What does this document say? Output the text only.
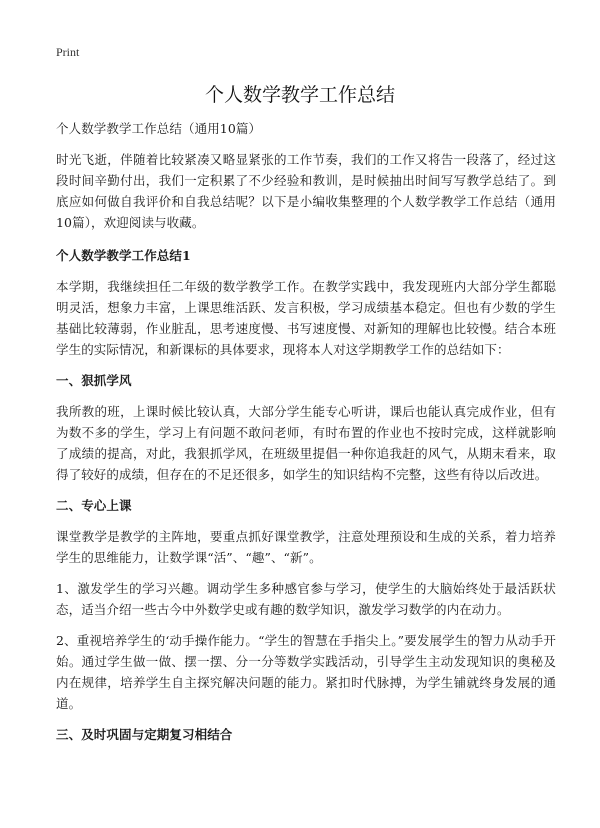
Print
个人数学教学工作总结

个人数学教学工作总结（通用10篇）

时光飞逝，伴随着比较紧凑又略显紧张的工作节奏，我们的工作又将告一段落了，经过这段时间辛勤付出，我们一定积累了不少经验和教训，是时候抽出时间写写教学总结了。到底应如何做自我评价和自我总结呢？以下是小编收集整理的个人数学教学工作总结（通用10篇），欢迎阅读与收藏。

个人数学教学工作总结1

本学期，我继续担任二年级的数学教学工作。在教学实践中，我发现班内大部分学生都聪明灵活，想象力丰富，上课思维活跃、发言积极，学习成绩基本稳定。但也有少数的学生基础比较薄弱，作业脏乱，思考速度慢、书写速度慢、对新知的理解也比较慢。结合本班学生的实际情况，和新课标的具体要求，现将本人对这学期教学工作的总结如下：

一、狠抓学风

我所教的班，上课时候比较认真，大部分学生能专心听讲，课后也能认真完成作业，但有为数不多的学生，学习上有问题不敢问老师，有时布置的作业也不按时完成，这样就影响了成绩的提高，对此，我狠抓学风，在班级里提倡一种你追我赶的风气，从期末看来，取得了较好的成绩，但存在的不足还很多，如学生的知识结构不完整，这些有待以后改进。

二、专心上课

课堂教学是教学的主阵地，要重点抓好课堂教学，注意处理预设和生成的关系，着力培养学生的思维能力，让数学课“活”、“趣”、“新”。

1、激发学生的学习兴趣。调动学生多种感官参与学习，使学生的大脑始终处于最活跃状态，适当介绍一些古今中外数学史或有趣的数学知识，激发学习数学的内在动力。

2、重视培养学生的‘动手操作能力。“学生的智慧在手指尖上。”要发展学生的智力从动手开始。通过学生做一做、摆一摆、分一分等数学实践活动，引导学生主动发现知识的奥秘及内在规律，培养学生自主探究解决问题的能力。紧扣时代脉搏，为学生铺就终身发展的通道。

三、及时巩固与定期复习相结合
